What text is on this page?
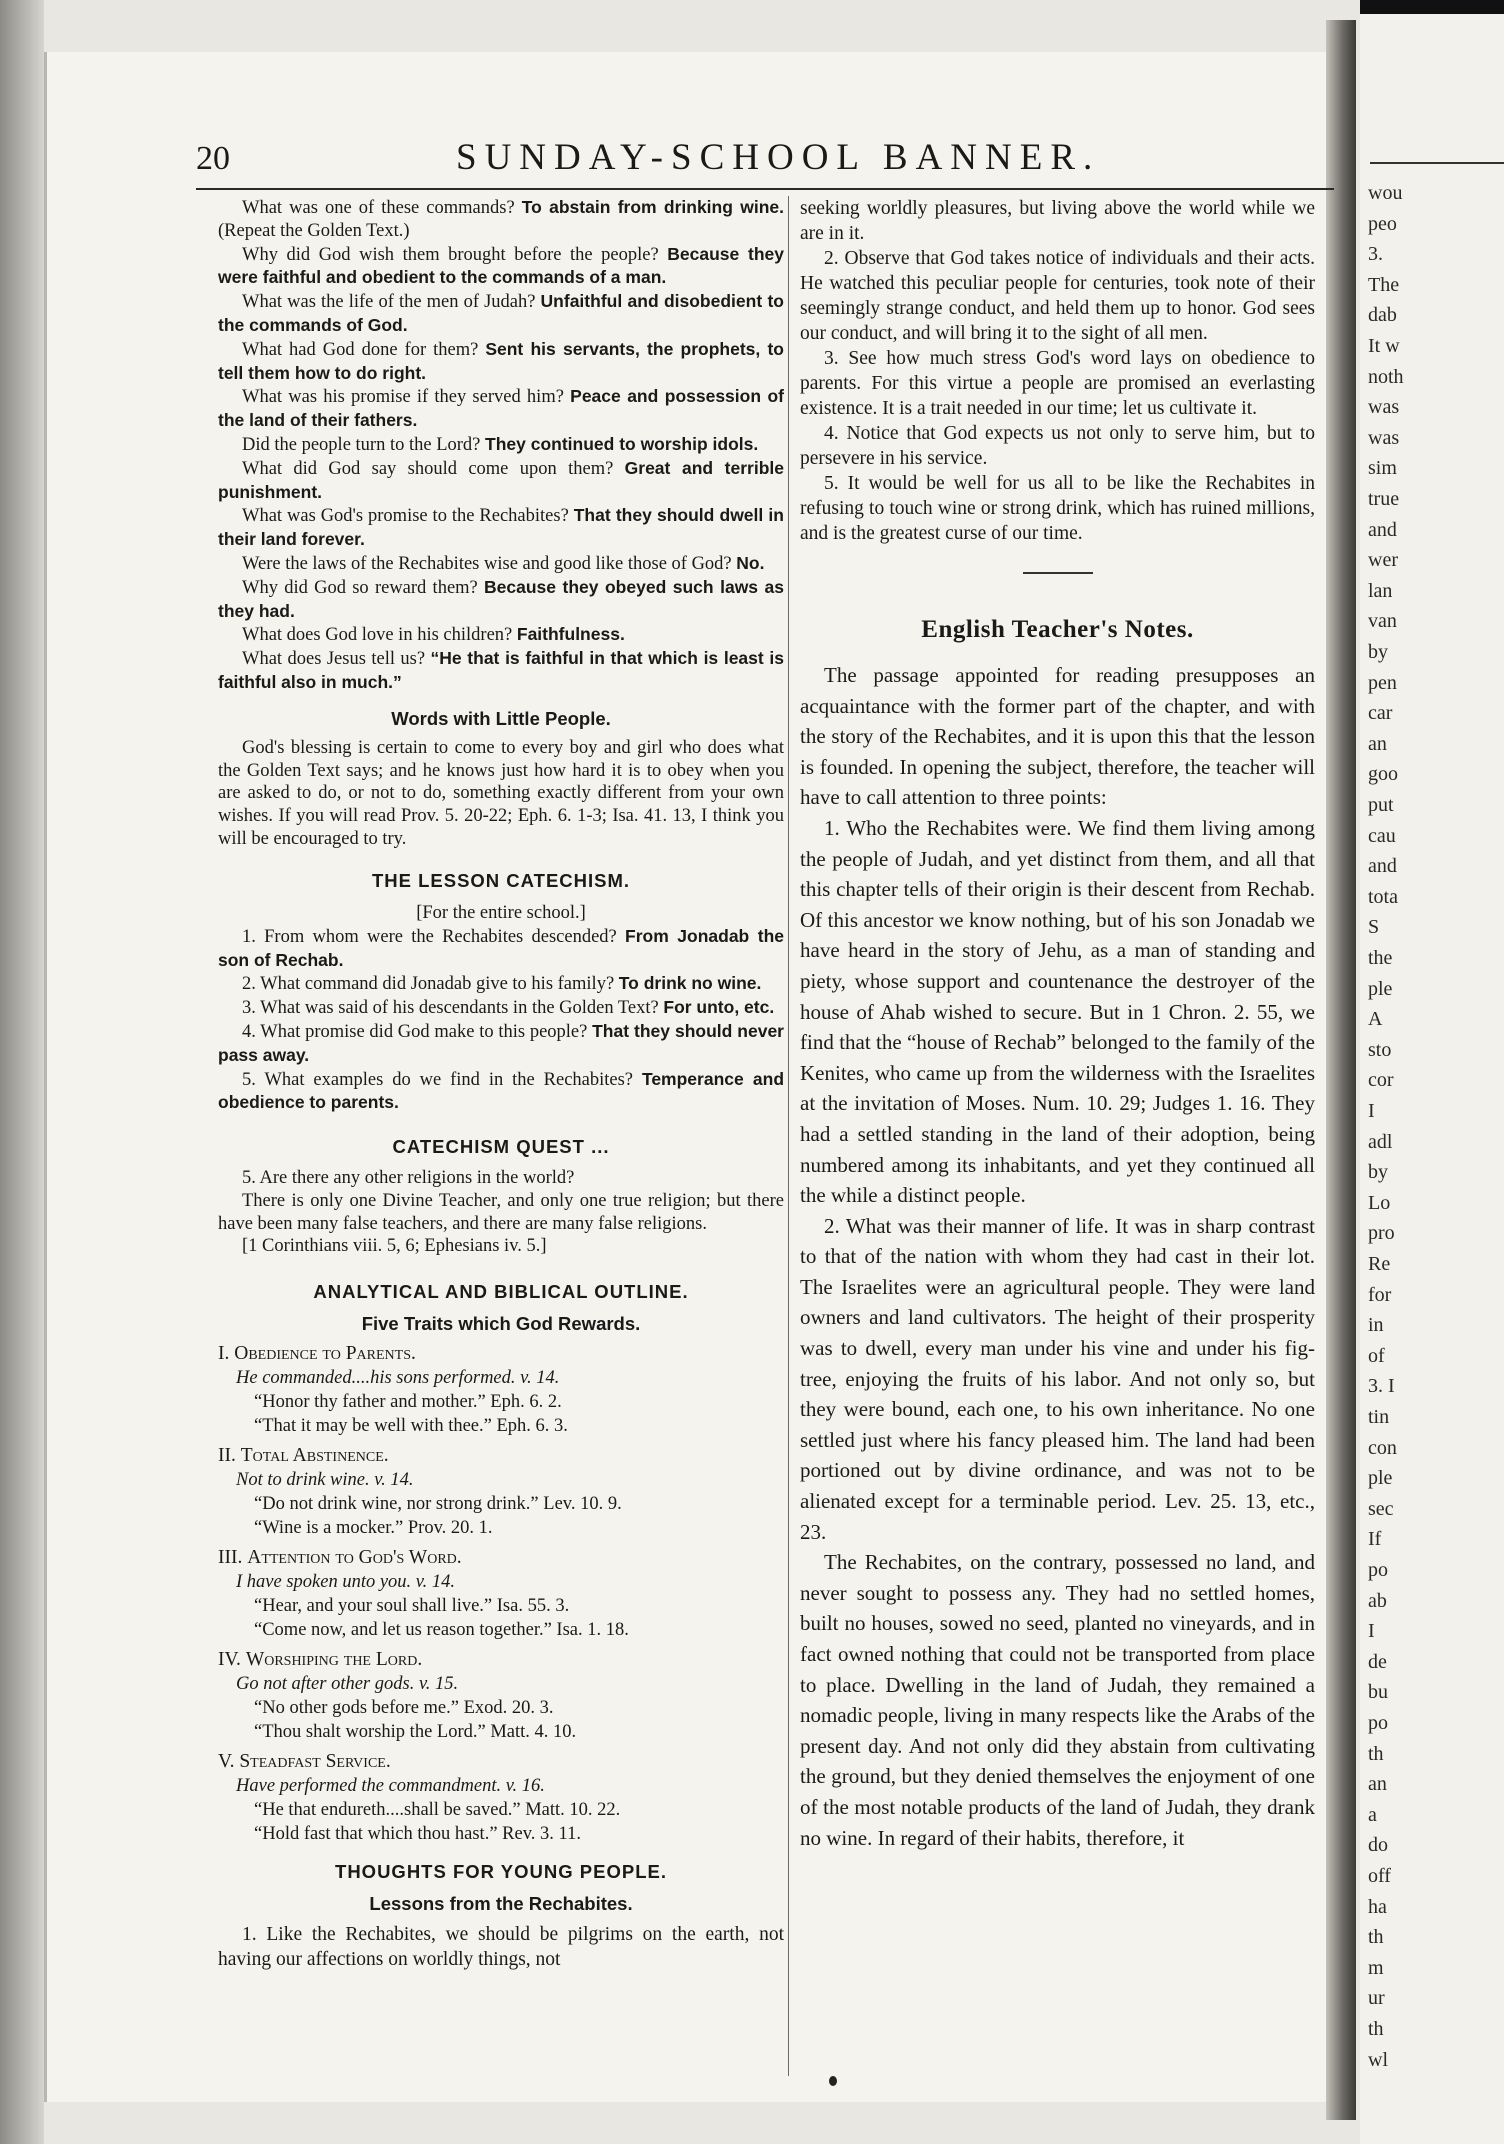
wou
peo
3.
The
dab
It w
noth
was
was
sim
true
and
wer
lan
van
by
pen
car
an
goo
put
cau
and
tota
S
the
ple
A
sto
cor
I
adl
by
Lo
pro
Re
for
in
of
3. I
tin
con
ple
sec
If
po
ab
I
de
bu
po
th
an
a
do
off
ha
th
m
ur
th
wl
20	SUNDAY-SCHOOL BANNER.

What was one of these commands? To abstain from drinking wine. (Repeat the Golden Text.)

Why did God wish them brought before the people? Because they were faithful and obedient to the commands of a man.

What was the life of the men of Judah? Unfaithful and disobedient to the commands of God.

What had God done for them? Sent his servants, the prophets, to tell them how to do right.

What was his promise if they served him? Peace and possession of the land of their fathers.

Did the people turn to the Lord? They continued to worship idols.

What did God say should come upon them? Great and terrible punishment.

What was God's promise to the Rechabites? That they should dwell in their land forever.

Were the laws of the Rechabites wise and good like those of God? No.

Why did God so reward them? Because they obeyed such laws as they had.

What does God love in his children? Faithfulness.

What does Jesus tell us? “He that is faithful in that which is least is faithful also in much.”

Words with Little People.

God's blessing is certain to come to every boy and girl who does what the Golden Text says; and he knows just how hard it is to obey when you are asked to do, or not to do, something exactly different from your own wishes. If you will read Prov. 5. 20-22; Eph. 6. 1-3; Isa. 41. 13, I think you will be encouraged to try.

THE LESSON CATECHISM.
[For the entire school.]

1. From whom were the Rechabites descended? From Jonadab the son of Rechab.

2. What command did Jonadab give to his family? To drink no wine.

3. What was said of his descendants in the Golden Text? For unto, etc.

4. What promise did God make to this people? That they should never pass away.

5. What examples do we find in the Rechabites? Temperance and obedience to parents.

CATECHISM QUEST ...

5. Are there any other religions in the world?

There is only one Divine Teacher, and only one true religion; but there have been many false teachers, and there are many false religions.

[1 Corinthians viii. 5, 6; Ephesians iv. 5.]

ANALYTICAL AND BIBLICAL OUTLINE.
Five Traits which God Rewards.
I. Obedience to Parents.
He commanded....his sons performed. v. 14.
“Honor thy father and mother.” Eph. 6. 2.
“That it may be well with thee.” Eph. 6. 3.
II. Total Abstinence.
Not to drink wine. v. 14.
“Do not drink wine, nor strong drink.” Lev. 10. 9.
“Wine is a mocker.” Prov. 20. 1.
III. Attention to God's Word.
I have spoken unto you. v. 14.
“Hear, and your soul shall live.” Isa. 55. 3.
“Come now, and let us reason together.” Isa. 1. 18.
IV. Worshiping the Lord.
Go not after other gods. v. 15.
“No other gods before me.” Exod. 20. 3.
“Thou shalt worship the Lord.” Matt. 4. 10.
V. Steadfast Service.
Have performed the commandment. v. 16.
“He that endureth....shall be saved.” Matt. 10. 22.
“Hold fast that which thou hast.” Rev. 3. 11.
THOUGHTS FOR YOUNG PEOPLE.
Lessons from the Rechabites.

1. Like the Rechabites, we should be pilgrims on the earth, not having our affections on worldly things, not

seeking worldly pleasures, but living above the world while we are in it.

2. Observe that God takes notice of individuals and their acts. He watched this peculiar people for centuries, took note of their seemingly strange conduct, and held them up to honor. God sees our conduct, and will bring it to the sight of all men.

3. See how much stress God's word lays on obedience to parents. For this virtue a people are promised an everlasting existence. It is a trait needed in our time; let us cultivate it.

4. Notice that God expects us not only to serve him, but to persevere in his service.

5. It would be well for us all to be like the Rechabites in refusing to touch wine or strong drink, which has ruined millions, and is the greatest curse of our time.

English Teacher's Notes.

The passage appointed for reading presupposes an acquaintance with the former part of the chapter, and with the story of the Rechabites, and it is upon this that the lesson is founded. In opening the subject, therefore, the teacher will have to call attention to three points:

1. Who the Rechabites were. We find them living among the people of Judah, and yet distinct from them, and all that this chapter tells of their origin is their descent from Rechab. Of this ancestor we know nothing, but of his son Jonadab we have heard in the story of Jehu, as a man of standing and piety, whose support and countenance the destroyer of the house of Ahab wished to secure. But in 1 Chron. 2. 55, we find that the “house of Rechab” belonged to the family of the Kenites, who came up from the wilderness with the Israelites at the invitation of Moses. Num. 10. 29; Judges 1. 16. They had a settled standing in the land of their adoption, being numbered among its inhabitants, and yet they continued all the while a distinct people.

2. What was their manner of life. It was in sharp contrast to that of the nation with whom they had cast in their lot. The Israelites were an agricultural people. They were land owners and land cultivators. The height of their prosperity was to dwell, every man under his vine and under his fig-tree, enjoying the fruits of his labor. And not only so, but they were bound, each one, to his own inheritance. No one settled just where his fancy pleased him. The land had been portioned out by divine ordinance, and was not to be alienated except for a terminable period. Lev. 25. 13, etc., 23.

The Rechabites, on the contrary, possessed no land, and never sought to possess any. They had no settled homes, built no houses, sowed no seed, planted no vineyards, and in fact owned nothing that could not be transported from place to place. Dwelling in the land of Judah, they remained a nomadic people, living in many respects like the Arabs of the present day. And not only did they abstain from cultivating the ground, but they denied themselves the enjoyment of one of the most notable products of the land of Judah, they drank no wine. In regard of their habits, therefore, it
